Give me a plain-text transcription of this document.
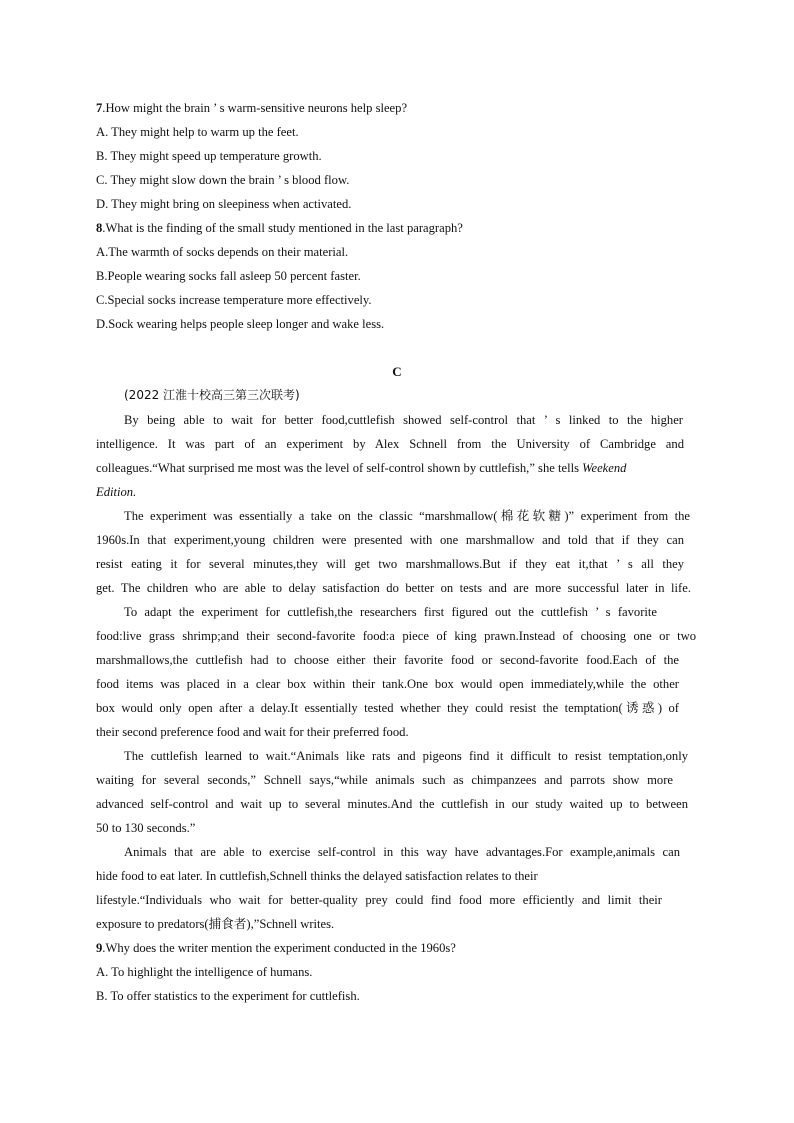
7.How might the brain ’ s warm-sensitive neurons help sleep?
A. They might help to warm up the feet.
B. They might speed up temperature growth.
C. They might slow down the brain ’ s blood flow.
D. They might bring on sleepiness when activated.
8.What is the finding of the small study mentioned in the last paragraph?
A.The warmth of socks depends on their material.
B.People wearing socks fall asleep 50 percent faster.
C.Special socks increase temperature more effectively.
D.Sock wearing helps people sleep longer and wake less.
C
(2022 江淮十校高三第三次联考)
By being able to wait for better food,cuttlefish showed self-control that ’ s linked to the higher
intelligence. It was part of an experiment by Alex Schnell from the University of Cambridge and
colleagues.“What surprised me most was the level of self-control shown by cuttlefish,” she tells Weekend
Edition.
The experiment was essentially a take on the classic “marshmallow(棉花软糖)” experiment from the
1960s.In that experiment,young children were presented with one marshmallow and told that if they can
resist eating it for several minutes,they will get two marshmallows.But if they eat it,that ’ s all they
get. The children who are able to delay satisfaction do better on tests and are more successful later in life.
To adapt the experiment for cuttlefish,the researchers first figured out the cuttlefish ’ s favorite
food:live grass shrimp;and their second-favorite food:a piece of king prawn.Instead of choosing one or two
marshmallows,the cuttlefish had to choose either their favorite food or second-favorite food.Each of the
food items was placed in a clear box within their tank.One box would open immediately,while the other
box would only open after a delay.It essentially tested whether they could resist the temptation(诱惑) of
their second preference food and wait for their preferred food.
The cuttlefish learned to wait.“Animals like rats and pigeons find it difficult to resist temptation,only
waiting for several seconds,” Schnell says,“while animals such as chimpanzees and parrots show more
advanced self-control and wait up to several minutes.And the cuttlefish in our study waited up to between
50 to 130 seconds.”
Animals that are able to exercise self-control in this way have advantages.For example,animals can
hide food to eat later. In cuttlefish,Schnell thinks the delayed satisfaction relates to their
lifestyle.“Individuals who wait for better-quality prey could find food more efficiently and limit their
exposure to predators(捕食者),”Schnell writes.
9.Why does the writer mention the experiment conducted in the 1960s?
A. To highlight the intelligence of humans.
B. To offer statistics to the experiment for cuttlefish.
